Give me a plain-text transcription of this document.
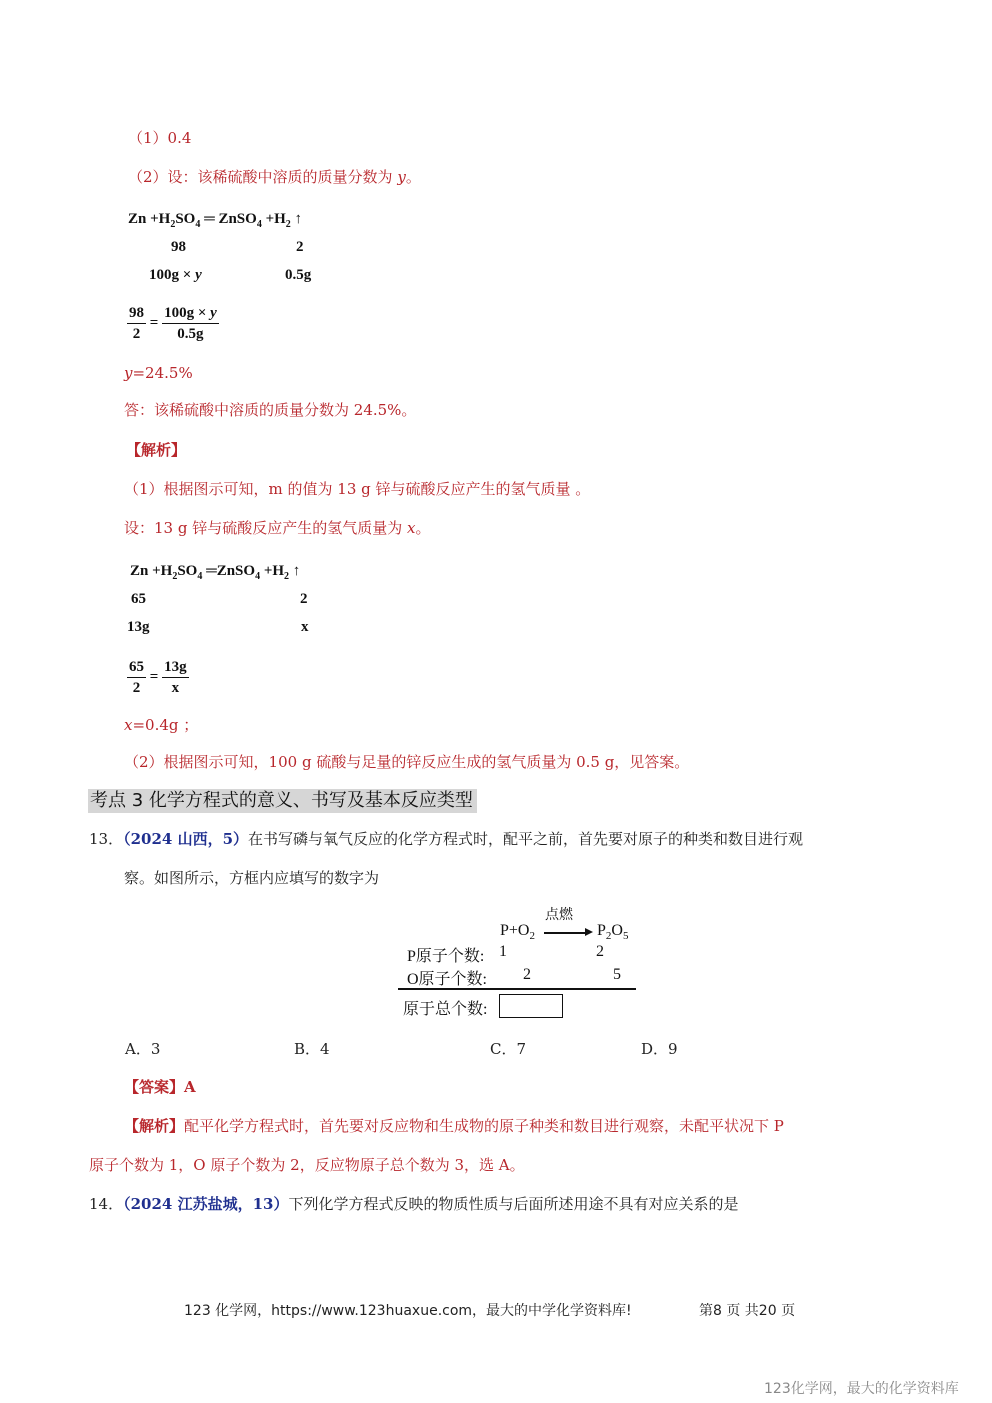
（1）0.4
（2）设：该稀硫酸中溶质的质量分数为 y。
$Zn +H_2SO_4$ ═ ZnSO$_4$ $+H_2$ ↑
98	2
100g × y	0.5g
$\frac{98}{2} = \frac{100g \times y}{0.5g}$
y=24.5%
答：该稀硫酸中溶质的质量分数为 24.5%。
【解析】
（1）根据图示可知，m 的值为 13 g 锌与硫酸反应产生的氢气质量 。
设：13 g 锌与硫酸反应产生的氢气质量为 x。
$Zn +H_2SO_4$ ═ZnSO$_4$ $+H_2$ ↑
65	2
13g	x
$\frac{65}{2} = \frac{13g}{x}$
x=0.4g ；
（2）根据图示可知，100 g 硫酸与足量的锌反应生成的氢气质量为 0.5 g，见答案。
考点 3 化学方程式的意义、书写及基本反应类型
13．（2024 山西，5）在书写磷与氧气反应的化学方程式时，配平之前，首先要对原子的种类和数目进行观
察。如图所示，方框内应填写的数字为
点燃
$P+O_2$	$P_2O_5$
P原子个数: 1	2
O原子个数: 2	5
原于总个数:
A．3	B．4	C．7	D．9
【答案】A
【解析】配平化学方程式时，首先要对反应物和生成物的原子种类和数目进行观察，未配平状况下 P
原子个数为 1，O 原子个数为 2，反应物原子总个数为 3，选 A。
14．（2024 江苏盐城，13）下列化学方程式反映的物质性质与后面所述用途不具有对应关系的是
123 化学网，https://www.123huaxue.com，最大的中学化学资料库!	第8 页 共20 页
123化学网，最大的化学资料库
